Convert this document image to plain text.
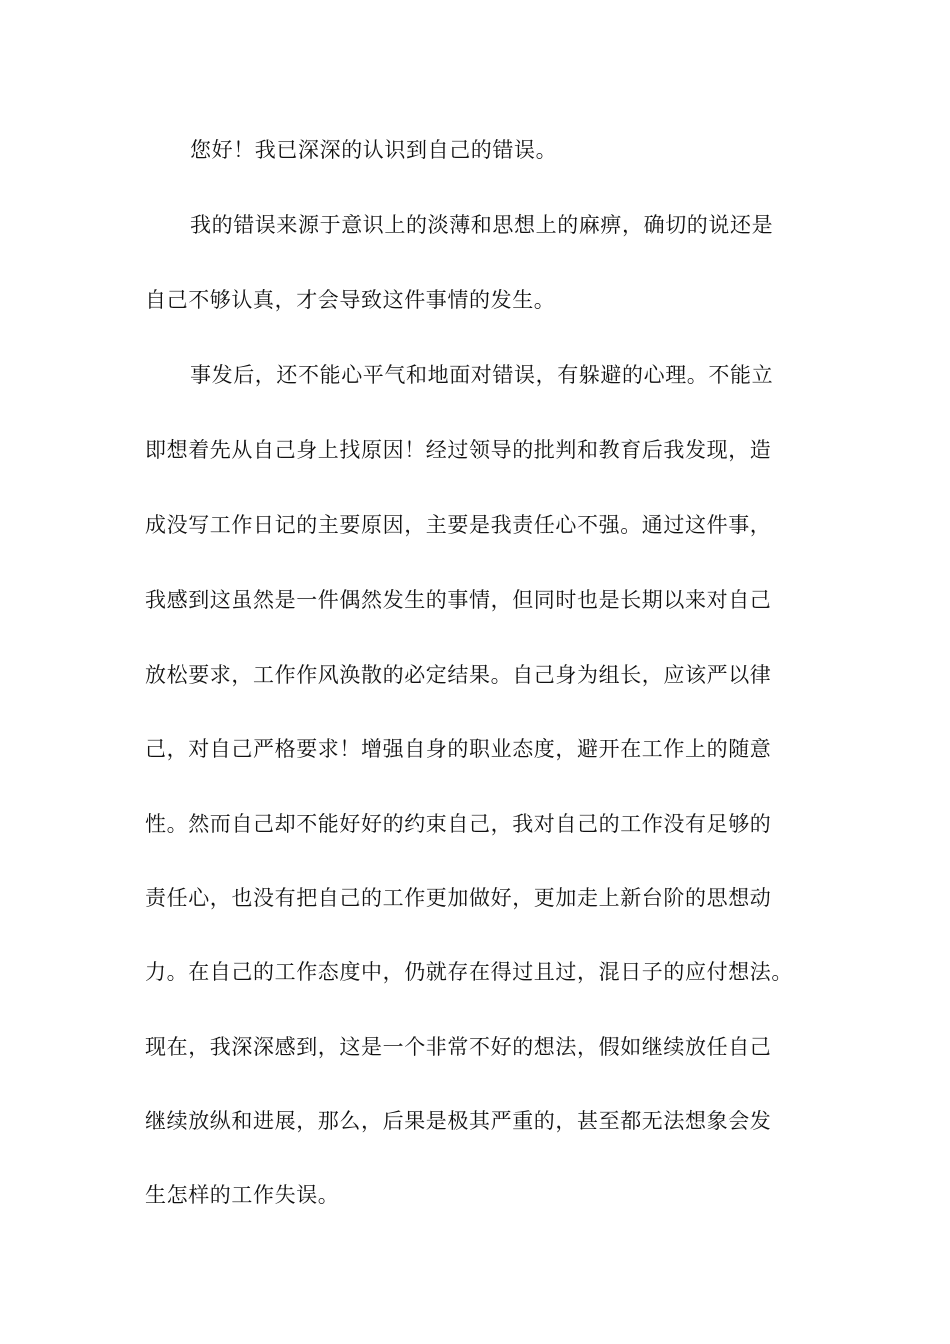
您好！我已深深的认识到自己的错误。
我的错误来源于意识上的淡薄和思想上的麻痹，确切的说还是
自己不够认真，才会导致这件事情的发生。
事发后，还不能心平气和地面对错误，有躲避的心理。不能立
即想着先从自己身上找原因！经过领导的批判和教育后我发现，造
成没写工作日记的主要原因，主要是我责任心不强。通过这件事，
我感到这虽然是一件偶然发生的事情，但同时也是长期以来对自己
放松要求，工作作风涣散的必定结果。自己身为组长，应该严以律
己，对自己严格要求！增强自身的职业态度，避开在工作上的随意
性。然而自己却不能好好的约束自己，我对自己的工作没有足够的
责任心，也没有把自己的工作更加做好，更加走上新台阶的思想动
力。在自己的工作态度中，仍就存在得过且过，混日子的应付想法。
现在，我深深感到，这是一个非常不好的想法，假如继续放任自己
继续放纵和进展，那么，后果是极其严重的，甚至都无法想象会发
生怎样的工作失误。
